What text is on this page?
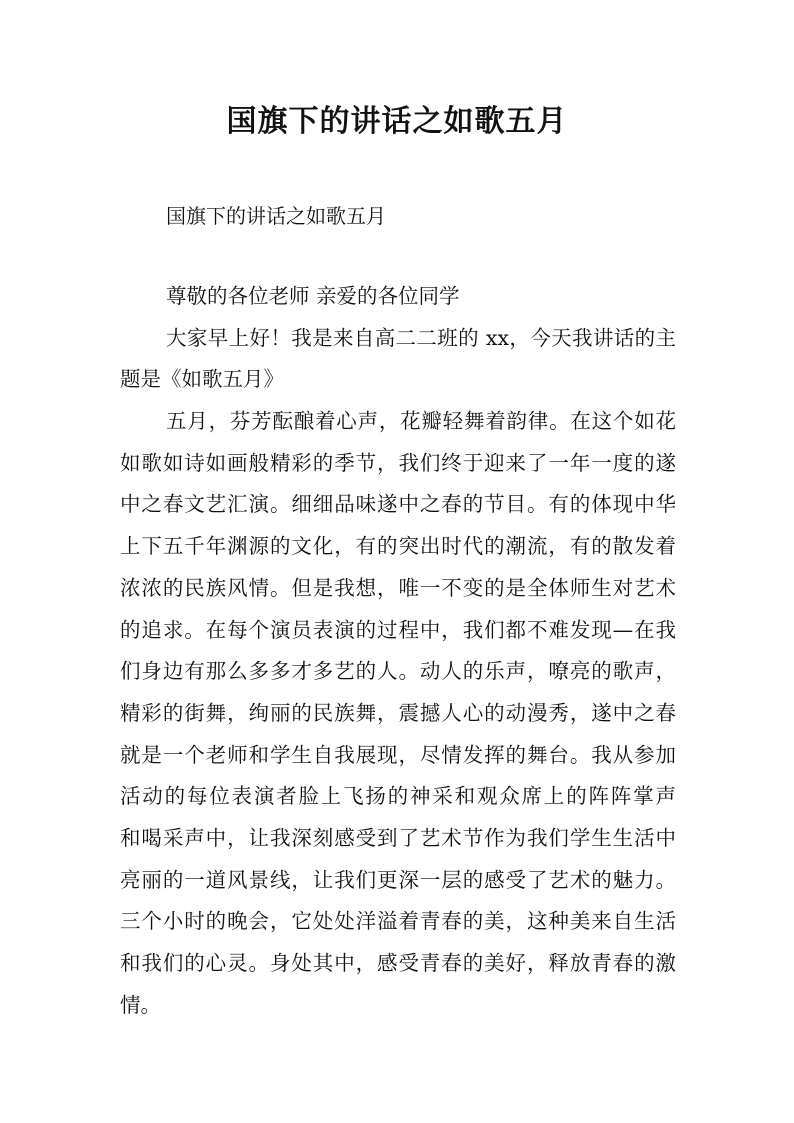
国旗下的讲话之如歌五月
国旗下的讲话之如歌五月
尊敬的各位老师 亲爱的各位同学
大家早上好！我是来自高二二班的 xx，今天我讲话的主
题是《如歌五月》
五月，芬芳酝酿着心声，花瓣轻舞着韵律。在这个如花
如歌如诗如画般精彩的季节，我们终于迎来了一年一度的遂
中之春文艺汇演。细细品味遂中之春的节目。有的体现中华
上下五千年渊源的文化，有的突出时代的潮流，有的散发着
浓浓的民族风情。但是我想，唯一不变的是全体师生对艺术
的追求。在每个演员表演的过程中，我们都不难发现—在我
们身边有那么多多才多艺的人。动人的乐声，嘹亮的歌声，
精彩的街舞，绚丽的民族舞，震撼人心的动漫秀，遂中之春
就是一个老师和学生自我展现，尽情发挥的舞台。我从参加
活动的每位表演者脸上飞扬的神采和观众席上的阵阵掌声
和喝采声中，让我深刻感受到了艺术节作为我们学生生活中
亮丽的一道风景线，让我们更深一层的感受了艺术的魅力。
三个小时的晚会，它处处洋溢着青春的美，这种美来自生活
和我们的心灵。身处其中，感受青春的美好，释放青春的激
情。
